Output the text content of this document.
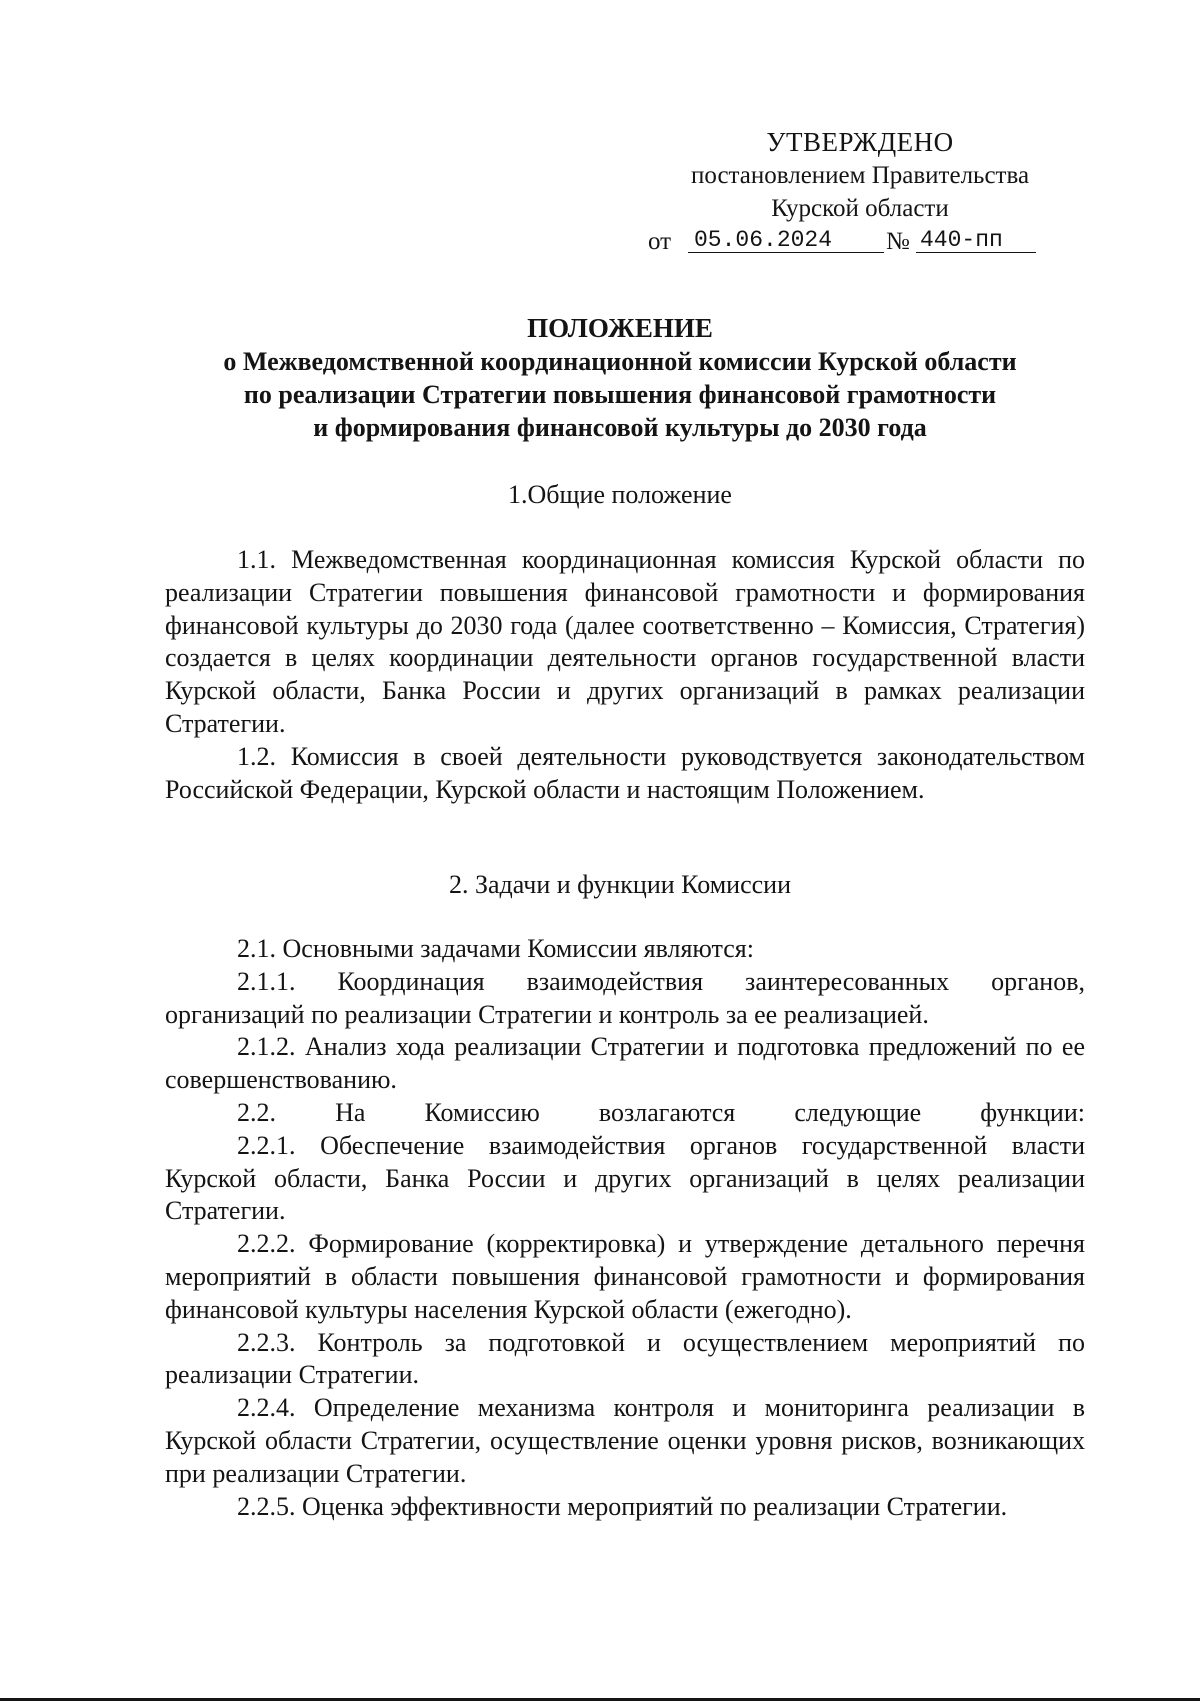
УТВЕРЖДЕНО
постановлением Правительства
Курской области
от 05.06.2024	№ 440-пп
ПОЛОЖЕНИЕ
о Межведомственной координационной комиссии Курской области
по реализации Стратегии повышения финансовой грамотности
и формирования финансовой культуры до 2030 года
1.Общие положение

1.1. Межведомственная координационная комиссия Курской области по реализации Стратегии повышения финансовой грамотности и формирования финансовой культуры до 2030 года (далее соответственно – Комиссия, Стратегия) создается в целях координации деятельности органов государственной власти Курской области, Банка России и других организаций в рамках реализации Стратегии.

1.2. Комиссия в своей деятельности руководствуется законодательством Российской Федерации, Курской области и настоящим Положением.

2. Задачи и функции Комиссии

2.1. Основными задачами Комиссии являются:

2.1.1. Координация взаимодействия заинтересованных органов, организаций по реализации Стратегии и контроль за ее реализацией.

2.1.2. Анализ хода реализации Стратегии и подготовка предложений по ее совершенствованию.

2.2. На Комиссию возлагаются следующие функции:

2.2.1. Обеспечение взаимодействия органов государственной власти Курской области, Банка России и других организаций в целях реализации Стратегии.

2.2.2. Формирование (корректировка) и утверждение детального перечня мероприятий в области повышения финансовой грамотности и формирования финансовой культуры населения Курской области (ежегодно).

2.2.3. Контроль за подготовкой и осуществлением мероприятий по реализации Стратегии.

2.2.4. Определение механизма контроля и мониторинга реализации в Курской области Стратегии, осуществление оценки уровня рисков, возникающих при реализации Стратегии.

2.2.5. Оценка эффективности мероприятий по реализации Стратегии.
